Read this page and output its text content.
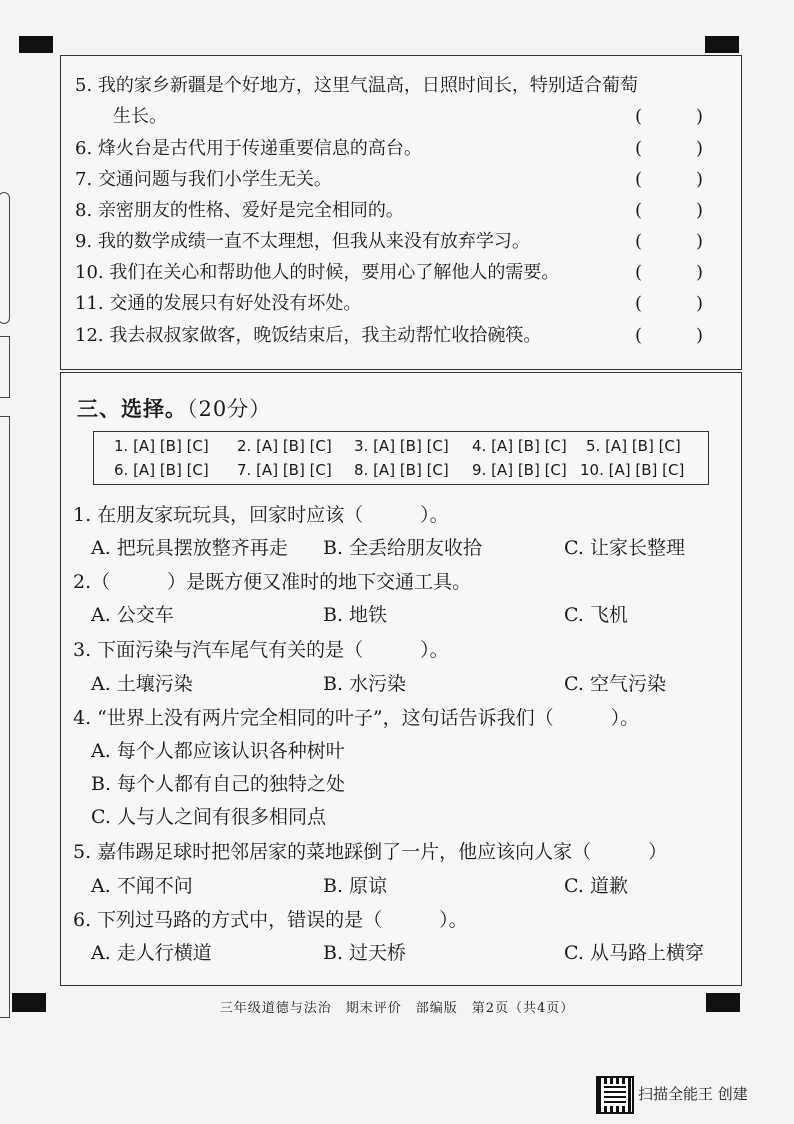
5. 我的家乡新疆是个好地方，这里气温高，日照时间长，特别适合葡萄
生长。	(　　　)
6. 烽火台是古代用于传递重要信息的高台。	(　　　)
7. 交通问题与我们小学生无关。	(　　　)
8. 亲密朋友的性格、爱好是完全相同的。	(　　　)
9. 我的数学成绩一直不太理想，但我从来没有放弃学习。	(　　　)
10. 我们在关心和帮助他人的时候，要用心了解他人的需要。	(　　　)
11. 交通的发展只有好处没有坏处。	(　　　)
12. 我去叔叔家做客，晚饭结束后，我主动帮忙收拾碗筷。	(　　　)
三、选择。（20分）
1. [A] [B] [C] 2. [A] [B] [C] 3. [A] [B] [C] 4. [A] [B] [C] 5. [A] [B] [C]
6. [A] [B] [C] 7. [A] [B] [C] 8. [A] [B] [C] 9. [A] [B] [C] 10. [A] [B] [C]
1. 在朋友家玩玩具，回家时应该（　　　）。
A. 把玩具摆放整齐再走 B. 全丢给朋友收拾	C. 让家长整理
2.（　　　）是既方便又准时的地下交通工具。
A. 公交车	B. 地铁	C. 飞机
3. 下面污染与汽车尾气有关的是（　　　）。
A. 土壤污染	B. 水污染	C. 空气污染
4. “世界上没有两片完全相同的叶子”，这句话告诉我们（　　　）。
A. 每个人都应该认识各种树叶
B. 每个人都有自己的独特之处
C. 人与人之间有很多相同点
5. 嘉伟踢足球时把邻居家的菜地踩倒了一片，他应该向人家（　　　）
A. 不闻不问	B. 原谅	C. 道歉
6. 下列过马路的方式中，错误的是（　　　）。
A. 走人行横道	B. 过天桥	C. 从马路上横穿
三年级道德与法治　期末评价　部编版　第2页（共4页）
扫描全能王 创建
